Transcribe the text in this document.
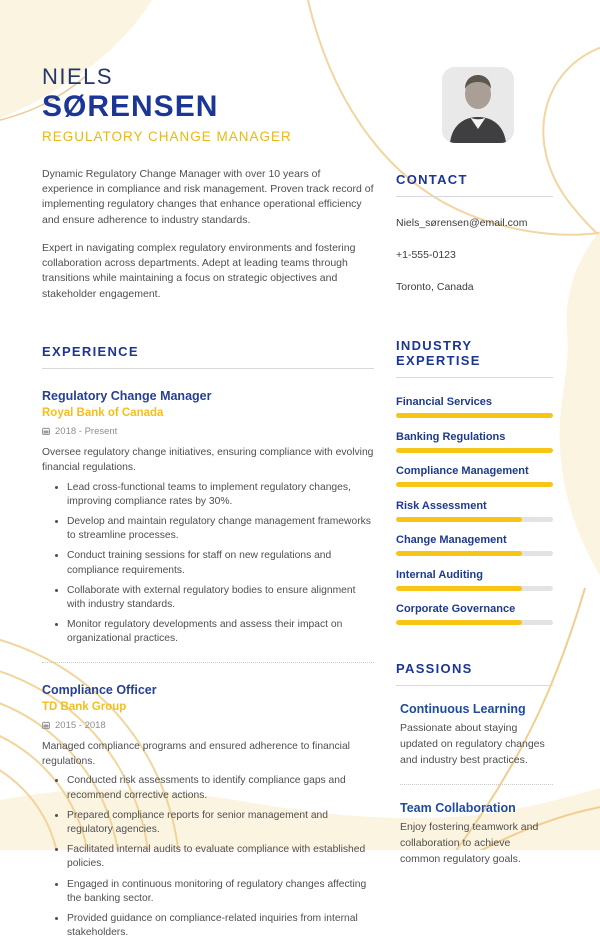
NIELS
SØRENSEN
REGULATORY CHANGE MANAGER

Dynamic Regulatory Change Manager with over 10 years of experience in compliance and risk management. Proven track record of implementing regulatory changes that enhance operational efficiency and ensure adherence to industry standards.

Expert in navigating complex regulatory environments and fostering collaboration across departments. Adept at leading teams through transitions while maintaining a focus on strategic objectives and stakeholder engagement.

EXPERIENCE
Regulatory Change Manager
Royal Bank of Canada
2018 - Present
Oversee regulatory change initiatives, ensuring compliance with evolving financial regulations.
• Lead cross-functional teams to implement regulatory changes, improving compliance rates by 30%.
• Develop and maintain regulatory change management frameworks to streamline processes.
• Conduct training sessions for staff on new regulations and compliance requirements.
• Collaborate with external regulatory bodies to ensure alignment with industry standards.
• Monitor regulatory developments and assess their impact on organizational practices.
Compliance Officer
TD Bank Group
2015 - 2018
Managed compliance programs and ensured adherence to financial regulations.
• Conducted risk assessments to identify compliance gaps and recommend corrective actions.
• Prepared compliance reports for senior management and regulatory agencies.
• Facilitated internal audits to evaluate compliance with established policies.
• Engaged in continuous monitoring of regulatory changes affecting the banking sector.
• Provided guidance on compliance-related inquiries from internal stakeholders.
CONTACT
Niels_sørensen@email.com
+1-555-0123
Toronto, Canada
INDUSTRY EXPERTISE
Financial Services
Banking Regulations
Compliance Management
Risk Assessment
Change Management
Internal Auditing
Corporate Governance
PASSIONS
Continuous Learning
Passionate about staying updated on regulatory changes and industry best practices.
Team Collaboration
Enjoy fostering teamwork and collaboration to achieve common regulatory goals.
